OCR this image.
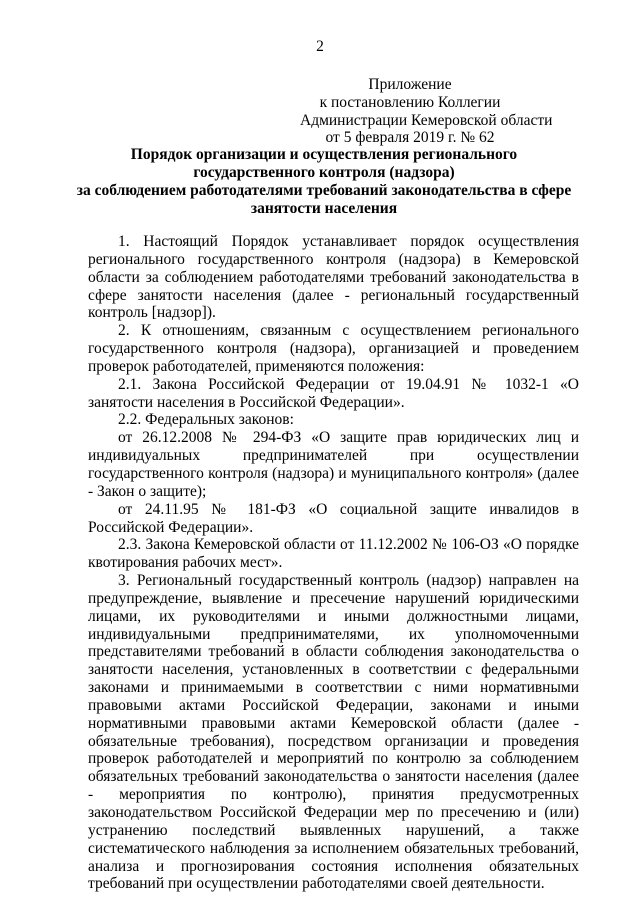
2
Приложение
к постановлению Коллегии
Администрации Кемеровской области
от 5 февраля 2019 г. № 62
Порядок организации и осуществления регионального
государственного контроля (надзора)
за соблюдением работодателями требований законодательства в сфере
занятости населения

1. Настоящий Порядок устанавливает порядок осуществления регионального государственного контроля (надзора) в Кемеровской области за соблюдением работодателями требований законодательства в сфере занятости населения (далее - региональный государственный контроль [надзор]).

2. К отношениям, связанным с осуществлением регионального государственного контроля (надзора), организацией и проведением проверок работодателей, применяются положения:

2.1. Закона Российской Федерации от 19.04.91 № 1032-1 «О занятости населения в Российской Федерации».

2.2. Федеральных законов:

от 26.12.2008 № 294-ФЗ «О защите прав юридических лиц и индивидуальных предпринимателей при осуществлении государственного контроля (надзора) и муниципального контроля» (далее - Закон о защите);

от 24.11.95 № 181-ФЗ «О социальной защите инвалидов в Российской Федерации».

2.3. Закона Кемеровской области от 11.12.2002 № 106-ОЗ «О порядке квотирования рабочих мест».

3. Региональный государственный контроль (надзор) направлен на предупреждение, выявление и пресечение нарушений юридическими лицами, их руководителями и иными должностными лицами, индивидуальными предпринимателями, их уполномоченными представителями требований в области соблюдения законодательства о занятости населения, установленных в соответствии с федеральными законами и принимаемыми в соответствии с ними нормативными правовыми актами Российской Федерации, законами и иными нормативными правовыми актами Кемеровской области (далее - обязательные требования), посредством организации и проведения проверок работодателей и мероприятий по контролю за соблюдением обязательных требований законодательства о занятости населения (далее - мероприятия по контролю), принятия предусмотренных законодательством Российской Федерации мер по пресечению и (или) устранению последствий выявленных нарушений, а также систематического наблюдения за исполнением обязательных требований, анализа и прогнозирования состояния исполнения обязательных требований при осуществлении работодателями своей деятельности.
